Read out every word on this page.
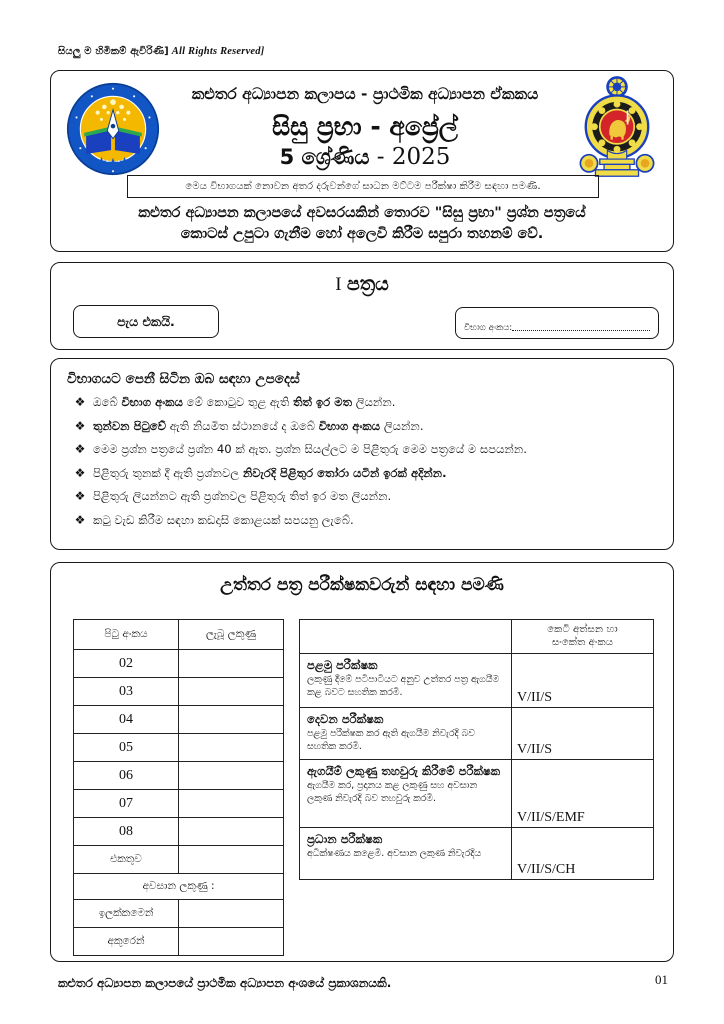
සියලු ම හිමිකම් ඇවිරිණි] All Rights Reserved]
කළුතර අධ්‍යාපන කලාපය - ප්‍රාථමික අධ්‍යාපන ඒකකය
සිසු ප්‍රභා - අප්‍රේල්
5 ශ්‍රේණිය - 2025
මෙය විභාගයක් නොවන අතර දරුවන්ගේ සාධන මට්ටම පරීක්ෂා කිරීම සඳහා පමණි.
කළුතර අධ්‍යාපන කලාපයේ අවසරයකින් තොරව "සිසු ප්‍රභා" ප්‍රශ්න පත්‍රයේ
කොටස් උපුටා ගැනීම හෝ අලෙවි කිරීම සපුරා තහනම් වේ.
I පත්‍රය
පැය එකයි.	විභාග අංකය:
විභාගයට පෙනී සිටින ඔබ සඳහා උපදෙස්
❖ ඔබේ විභාග අංකය මේ කොටුව තුළ ඇති තිත් ඉර මත ලියන්න.
❖ තුන්වන පිටුවේ ඇති නියමිත ස්ථානයේ ද ඔබේ විභාග අංකය ලියන්න.
❖ මෙම ප්‍රශ්න පත්‍රයේ ප්‍රශ්න 40 ක් ඇත. ප්‍රශ්න සියල්ලට ම පිළිතුරු මෙම පත්‍රයේ ම සපයන්න.
❖ පිළිතුරු තුනක් දී ඇති ප්‍රශ්නවල නිවැරදි පිළිතුර තෝරා යටින් ඉරක් අදින්න.
❖ පිළිතුරු ලියන්නට ඇති ප්‍රශ්නවල පිළිතුරු තිත් ඉර මත ලියන්න.
❖ කටු වැඩ කිරීම සඳහා කඩදාසි කොළයක් සපයනු ලැබේ.
උත්තර පත්‍ර පරීක්ෂකවරුන් සඳහා පමණි
පිටු අංකය	ලැබූ ලකුණු
02	
03	
04	
05	
06	
07	
08	
එකතුව	
අවසාන ලකුණු :	
ඉලක්කමෙන්	
අකුරෙන්	
	කෙටි අත්සන හා
සංකේත අංකය

පළමු පරීක්ෂක
ලකුණු දීමේ පටිපාටියට අනුව උත්තර පත්‍ර ඇගයීම කළ බවට සහතික කරමි.	

	V/II/S

දෙවන පරීක්ෂක
පළමු පරීක්ෂක කර ඇති ඇගයීම නිවැරදි බව සහතික කරමි.	

	V/II/S

ඇගයීම් ලකුණු තහවුරු කිරීමේ පරීක්ෂක
ඇගයීම කර, ප්‍රදානය කළ ලකුණු සහ අවසාන ලකුණ නිවැරදි බව තහවුරු කරමි.	

	V/II/S/EMF

ප්‍රධාන පරීක්ෂක
අධීක්ෂණය කළෙමි. අවසාන ලකුණ නිවැරදිය	

	V/II/S/CH
කළුතර අධ්‍යාපන කලාපයේ ප්‍රාථමික අධ්‍යාපන අංශයේ ප්‍රකාශනයකි.	01
